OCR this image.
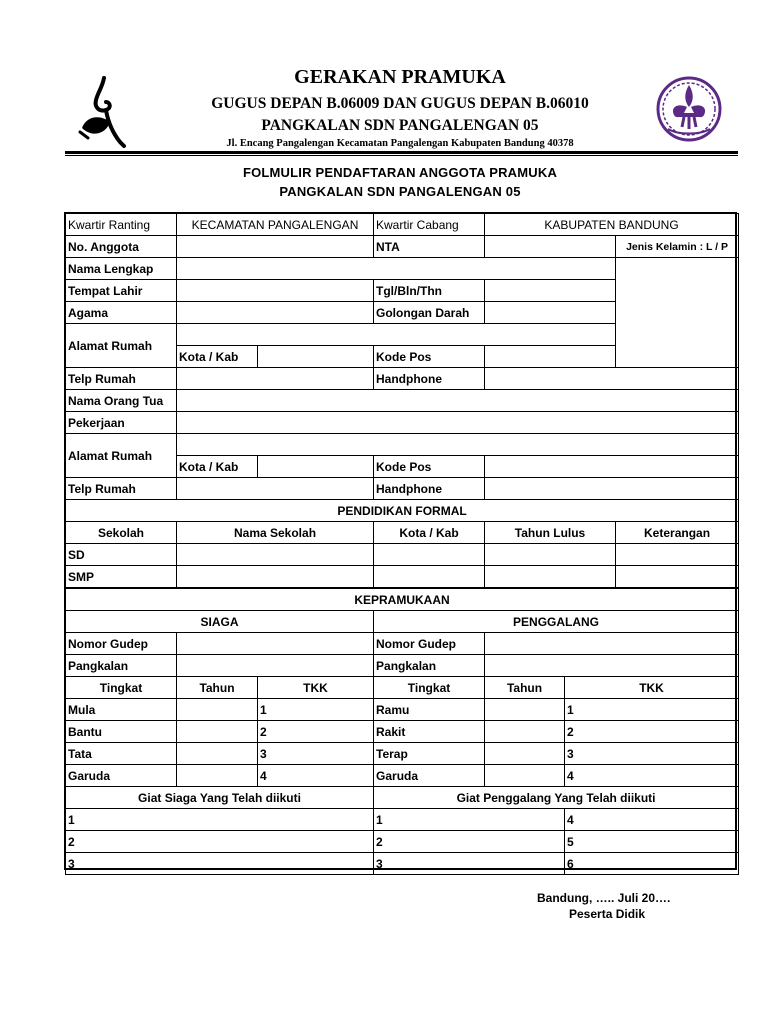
GERAKAN PRAMUKA
GUGUS DEPAN B.06009 DAN GUGUS DEPAN B.06010
PANGKALAN SDN PANGALENGAN 05
Jl. Encang Pangalengan Kecamatan Pangalengan Kabupaten Bandung 40378
FOLMULIR PENDAFTARAN ANGGOTA PRAMUKA
PANGKALAN SDN PANGALENGAN 05
Kwartir Ranting	KECAMATAN PANGALENGAN		Kwartir Cabang	KABUPATEN BANDUNG		
No. Anggota			NTA			Jenis Kelamin : L / P
Nama Lengkap						
Tempat Lahir			Tgl/Bln/Thn			
Agama			Golongan Darah			
Alamat Rumah						
	Kota / Kab		Kode Pos			
Telp Rumah			Handphone			
Nama Orang Tua						
Pekerjaan						
Alamat Rumah						
	Kota / Kab		Kode Pos			
Telp Rumah			Handphone			
PENDIDIKAN FORMAL						
Sekolah	Nama Sekolah		Kota / Kab	Tahun Lulus		Keterangan
SD						
SMP						
KEPRAMUKAAN						
SIAGA			PENGGALANG			
Nomor Gudep			Nomor Gudep			
Pangkalan			Pangkalan			
Tingkat	Tahun	TKK	Tingkat	Tahun	TKK	
Mula		1	Ramu		1	
Bantu		2	Rakit		2	
Tata		3	Terap		3	
Garuda		4	Garuda		4	
Giat Siaga Yang Telah diikuti			Giat Penggalang Yang Telah diikuti			
1			1		4	
2			2		5	
3			3		6	
Bandung, ….. Juli 20….
Peserta Didik
